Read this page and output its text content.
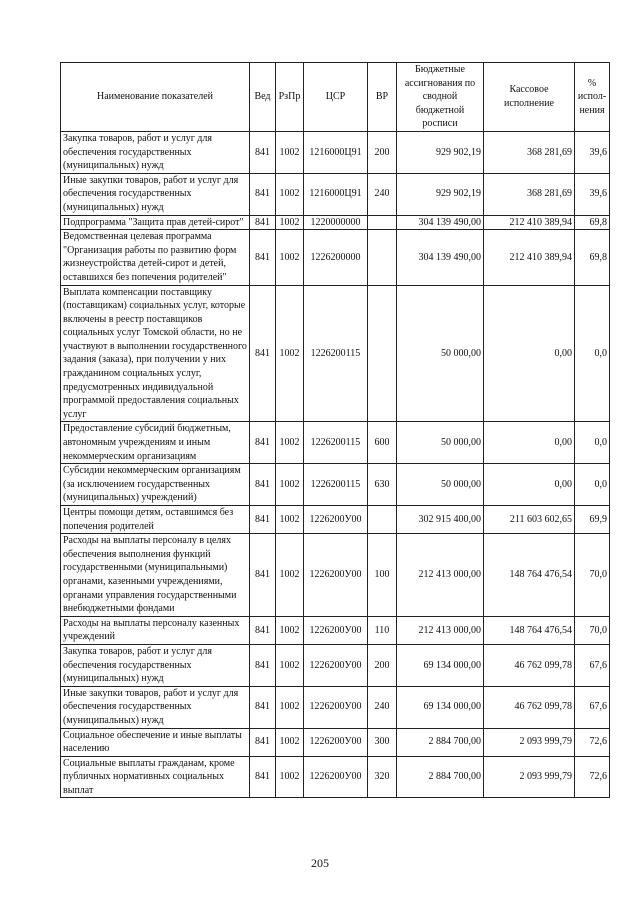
Наименование показателей	Вед	РзПр	ЦСР	ВР	Бюджетные ассигнования по сводной бюджетной росписи	Кассовое исполнение	% испол-нения
Закупка товаров, работ и услуг для обеспечения государственных (муниципальных) нужд	841	1002	1216000Ц91	200	929 902,19	368 281,69	39,6
Иные закупки товаров, работ и услуг для обеспечения государственных (муниципальных) нужд	841	1002	1216000Ц91	240	929 902,19	368 281,69	39,6
Подпрограмма "Защита прав детей-сирот"	841	1002	1220000000		304 139 490,00	212 410 389,94	69,8
Ведомственная целевая программа "Организация работы по развитию форм жизнеустройства детей-сирот и детей, оставшихся без попечения родителей"	841	1002	1226200000		304 139 490,00	212 410 389,94	69,8
Выплата компенсации поставщику (поставщикам) социальных услуг, которые включены в реестр поставщиков социальных услуг Томской области, но не участвуют в выполнении государственного задания (заказа), при получении у них гражданином социальных услуг, предусмотренных индивидуальной программой предоставления социальных услуг	841	1002	1226200115		50 000,00	0,00	0,0
Предоставление субсидий бюджетным, автономным учреждениям и иным некоммерческим организациям	841	1002	1226200115	600	50 000,00	0,00	0,0
Субсидии некоммерческим организациям (за исключением государственных (муниципальных) учреждений)	841	1002	1226200115	630	50 000,00	0,00	0,0
Центры помощи детям, оставшимся без попечения родителей	841	1002	1226200У00		302 915 400,00	211 603 602,65	69,9
Расходы на выплаты персоналу в целях обеспечения выполнения функций государственными (муниципальными) органами, казенными учреждениями, органами управления государственными внебюджетными фондами	841	1002	1226200У00	100	212 413 000,00	148 764 476,54	70,0
Расходы на выплаты персоналу казенных учреждений	841	1002	1226200У00	110	212 413 000,00	148 764 476,54	70,0
Закупка товаров, работ и услуг для обеспечения государственных (муниципальных) нужд	841	1002	1226200У00	200	69 134 000,00	46 762 099,78	67,6
Иные закупки товаров, работ и услуг для обеспечения государственных (муниципальных) нужд	841	1002	1226200У00	240	69 134 000,00	46 762 099,78	67,6
Социальное обеспечение и иные выплаты населению	841	1002	1226200У00	300	2 884 700,00	2 093 999,79	72,6
Социальные выплаты гражданам, кроме публичных нормативных социальных выплат	841	1002	1226200У00	320	2 884 700,00	2 093 999,79	72,6
205
